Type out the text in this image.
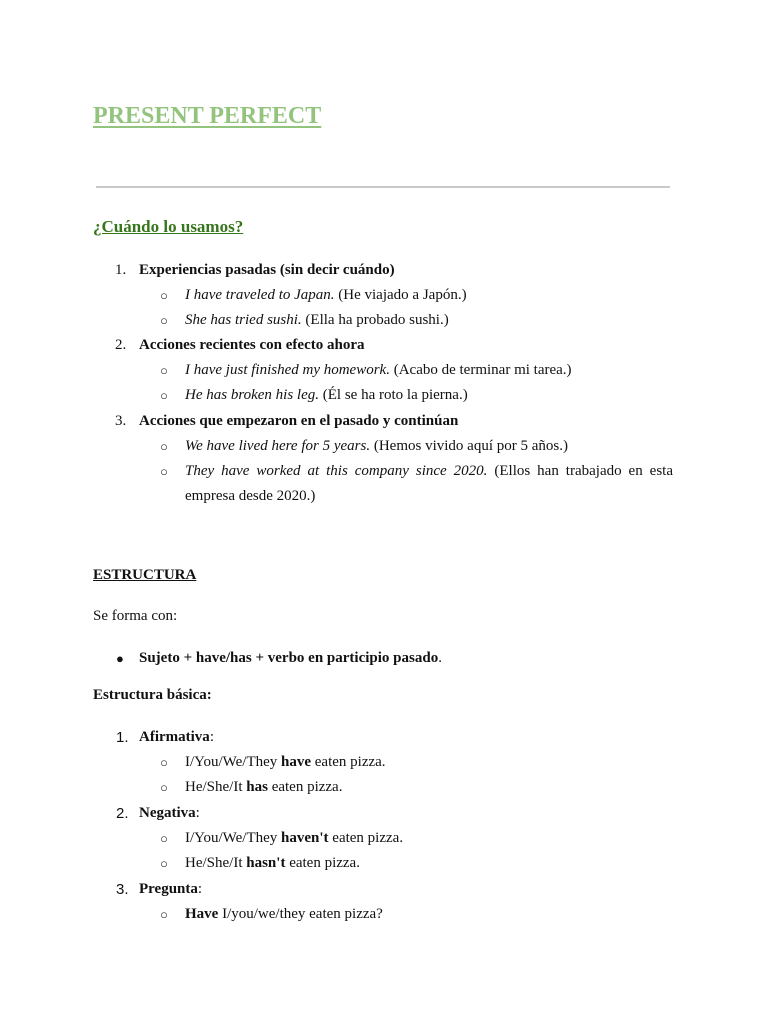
PRESENT PERFECT
¿Cuándo lo usamos?
1. Experiencias pasadas (sin decir cuándo)
○ I have traveled to Japan. (He viajado a Japón.)
○ She has tried sushi. (Ella ha probado sushi.)
2. Acciones recientes con efecto ahora
○ I have just finished my homework. (Acabo de terminar mi tarea.)
○ He has broken his leg. (Él se ha roto la pierna.)
3. Acciones que empezaron en el pasado y continúan
○ We have lived here for 5 years. (Hemos vivido aquí por 5 años.)
○ They have worked at this company since 2020. (Ellos han trabajado en esta empresa desde 2020.)
ESTRUCTURA
Se forma con:
● Sujeto + have/has + verbo en participio pasado.
Estructura básica:
1. Afirmativa:
○ I/You/We/They have eaten pizza.
○ He/She/It has eaten pizza.
2. Negativa:
○ I/You/We/They haven't eaten pizza.
○ He/She/It hasn't eaten pizza.
3. Pregunta:
○ Have I/you/we/they eaten pizza?
